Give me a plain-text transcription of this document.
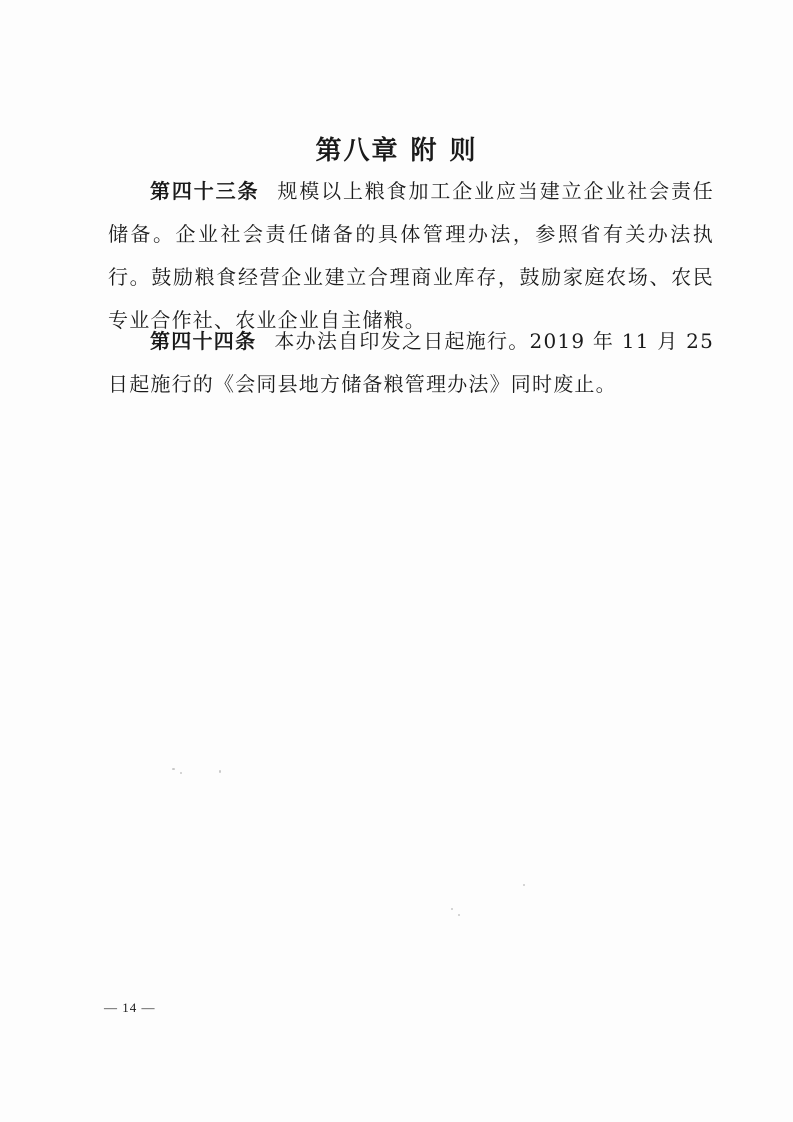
第八章 附 则

第四十三条 规模以上粮食加工企业应当建立企业社会责任储备。企业社会责任储备的具体管理办法，参照省有关办法执行。鼓励粮食经营企业建立合理商业库存，鼓励家庭农场、农民专业合作社、农业企业自主储粮。

第四十四条 本办法自印发之日起施行。2019 年 11 月 25 日起施行的《会同县地方储备粮管理办法》同时废止。

— 14 —
